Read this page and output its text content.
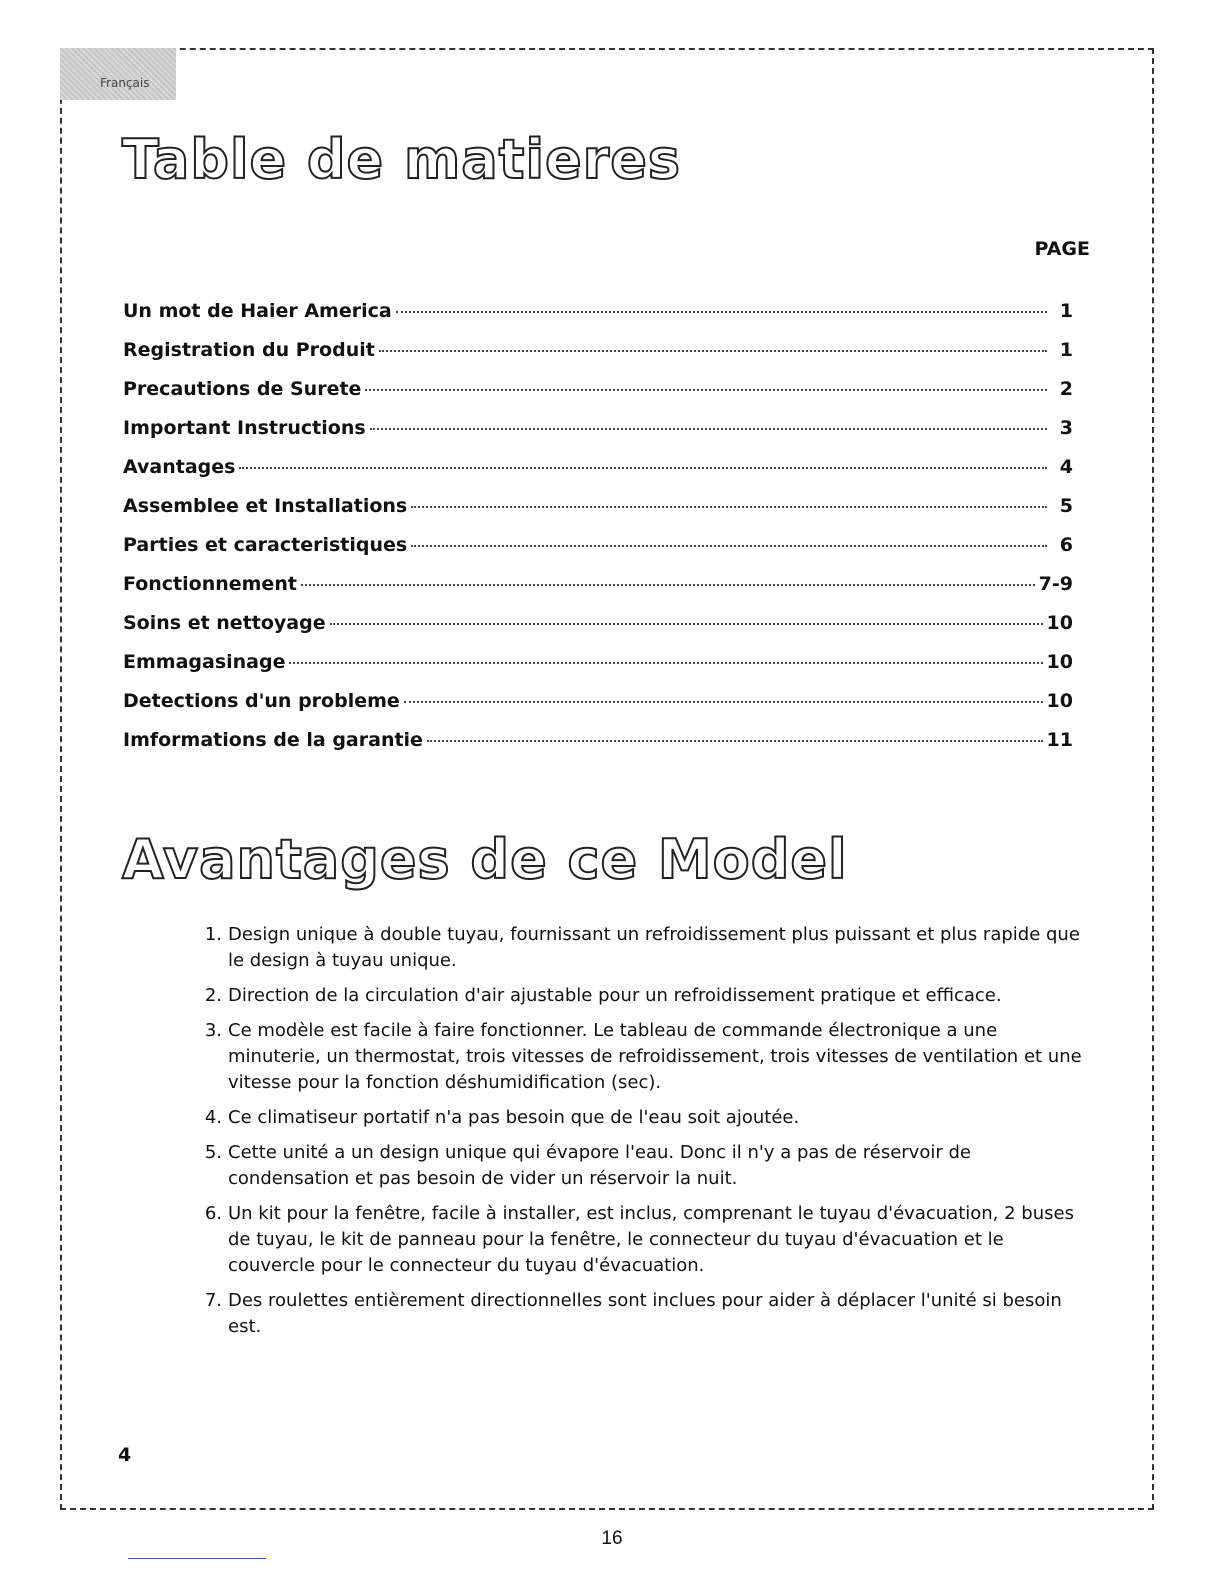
Français
Table de matieres
PAGE
Un mot de Haier America	1
Registration du Produit	1
Precautions de Surete	2
Important Instructions	3
Avantages	4
Assemblee et Installations	5
Parties et caracteristiques	6
Fonctionnement	7-9
Soins et nettoyage	10
Emmagasinage	10
Detections d'un probleme	10
Imformations de la garantie	11
Avantages de ce Model
1. Design unique à double tuyau, fournissant un refroidissement plus puissant et plus rapide que le design à tuyau unique.
2. Direction de la circulation d'air ajustable pour un refroidissement pratique et efficace.
3. Ce modèle est facile à faire fonctionner. Le tableau de commande électronique a une minuterie, un thermostat, trois vitesses de refroidissement, trois vitesses de ventilation et une vitesse pour la fonction déshumidification (sec).
4. Ce climatiseur portatif n'a pas besoin que de l'eau soit ajoutée.
5. Cette unité a un design unique qui évapore l'eau. Donc il n'y a pas de réservoir de condensation et pas besoin de vider un réservoir la nuit.
6. Un kit pour la fenêtre, facile à installer, est inclus, comprenant le tuyau d'évacuation, 2 buses de tuyau, le kit de panneau pour la fenêtre, le connecteur du tuyau d'évacuation et le couvercle pour le connecteur du tuyau d'évacuation.
7. Des roulettes entièrement directionnelles sont inclues pour aider à déplacer l'unité si besoin est.
4
16
